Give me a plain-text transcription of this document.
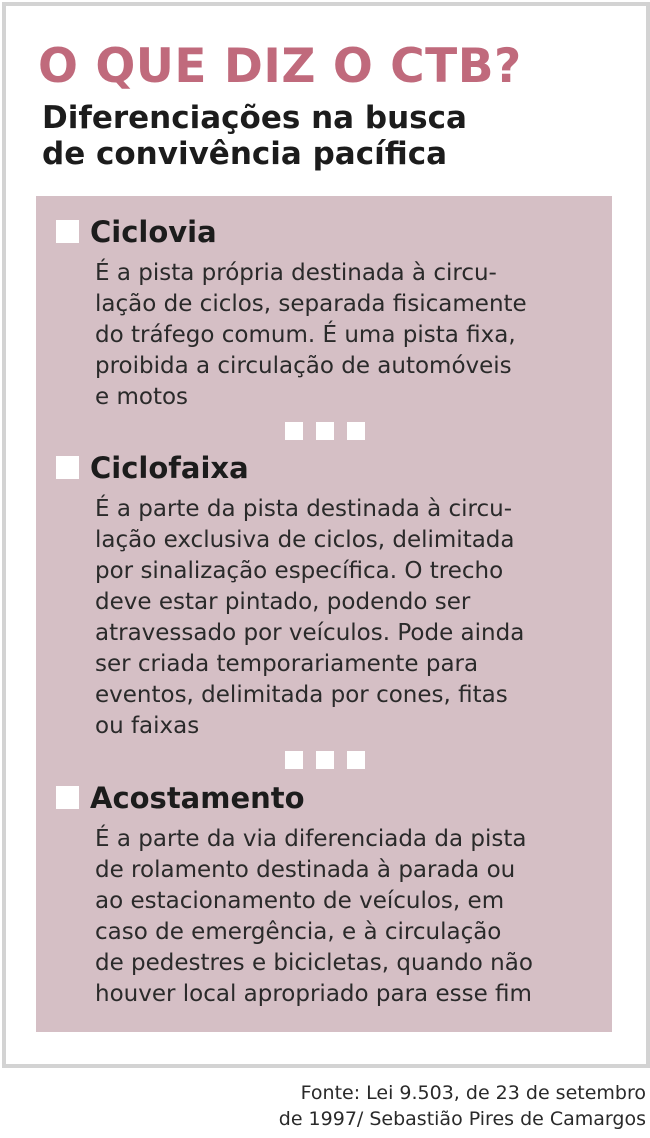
O QUE DIZ O CTB?
Diferenciações na busca
de convivência pacífica
Ciclovia

É a pista própria destinada à circu-
lação de ciclos, separada fisicamente
do tráfego comum. É uma pista fixa,
proibida a circulação de automóveis
e motos

Ciclofaixa

É a parte da pista destinada à circu-
lação exclusiva de ciclos, delimitada
por sinalização específica. O trecho
deve estar pintado, podendo ser
atravessado por veículos. Pode ainda
ser criada temporariamente para
eventos, delimitada por cones, fitas
ou faixas

Acostamento

É a parte da via diferenciada da pista
de rolamento destinada à parada ou
ao estacionamento de veículos, em
caso de emergência, e à circulação
de pedestres e bicicletas, quando não
houver local apropriado para esse fim

Fonte: Lei 9.503, de 23 de setembro
de 1997/ Sebastião Pires de Camargos
